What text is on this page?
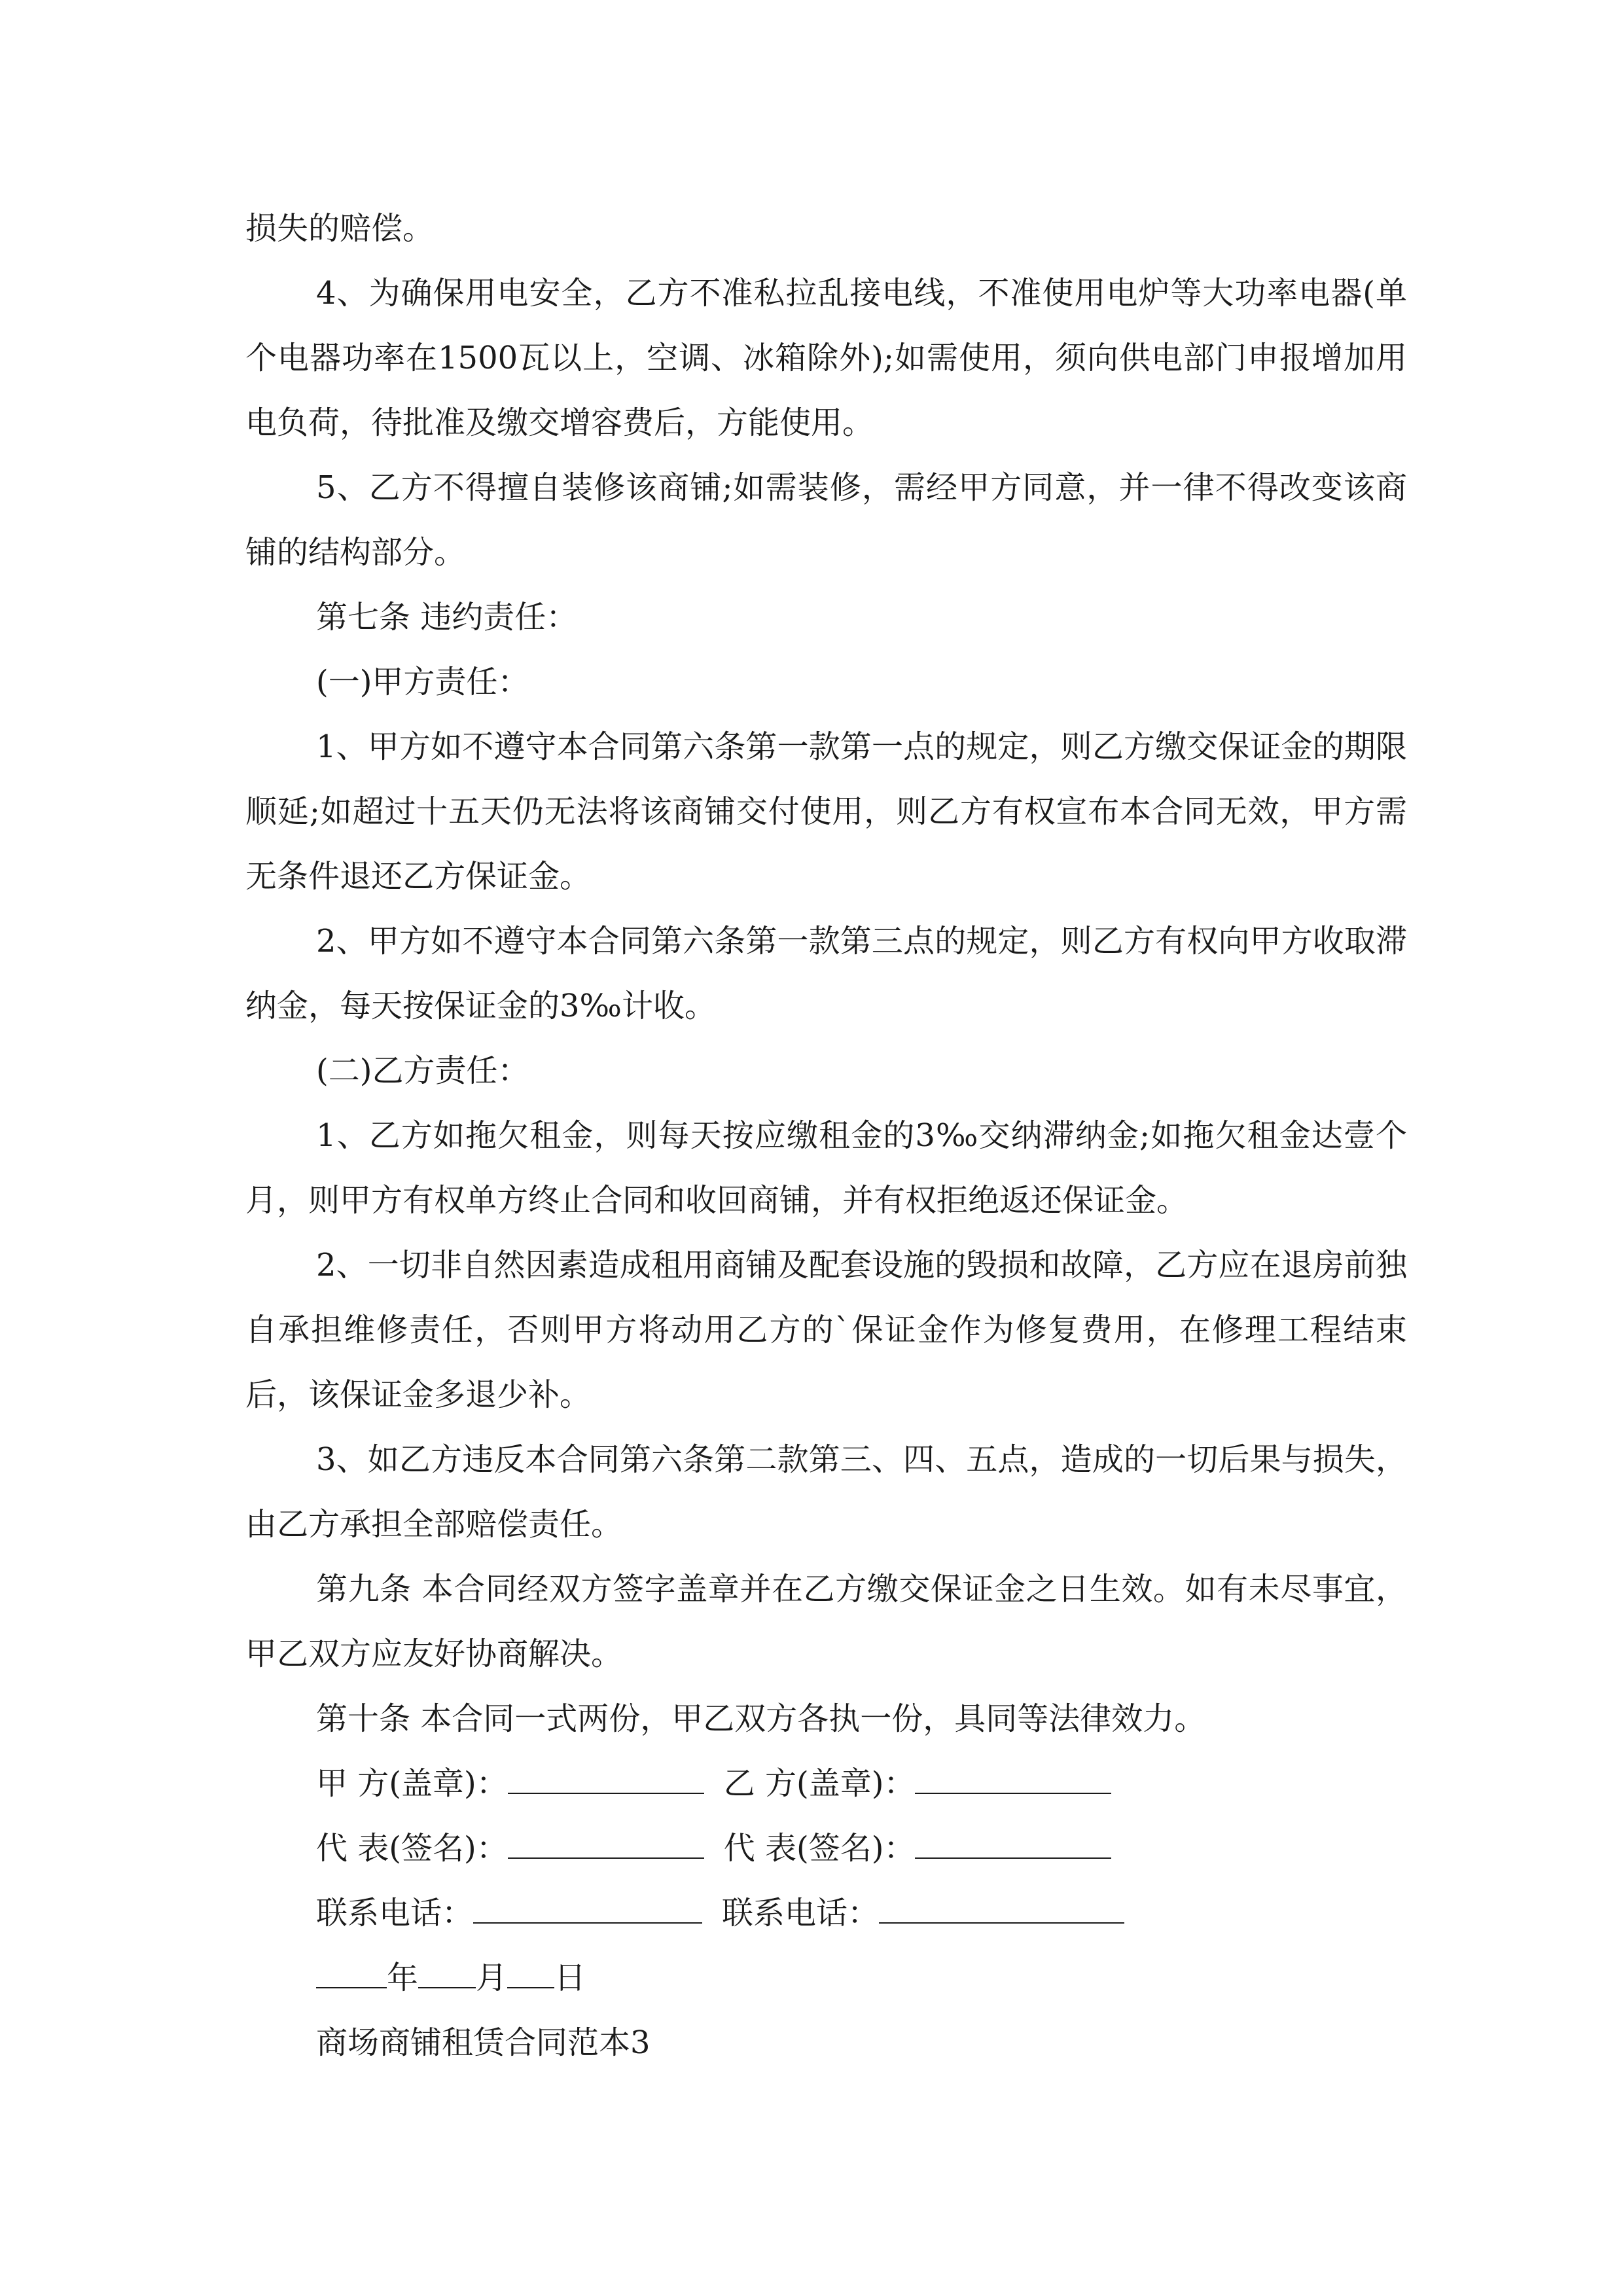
损失的赔偿。

4、为确保用电安全，乙方不准私拉乱接电线，不准使用电炉等大功率电器(单个电器功率在1500瓦以上，空调、冰箱除外);如需使用，须向供电部门申报增加用电负荷，待批准及缴交增容费后，方能使用。

5、乙方不得擅自装修该商铺;如需装修，需经甲方同意，并一律不得改变该商铺的结构部分。

第七条 违约责任：

(一)甲方责任：

1、甲方如不遵守本合同第六条第一款第一点的规定，则乙方缴交保证金的期限顺延;如超过十五天仍无法将该商铺交付使用，则乙方有权宣布本合同无效，甲方需无条件退还乙方保证金。

2、甲方如不遵守本合同第六条第一款第三点的规定，则乙方有权向甲方收取滞纳金，每天按保证金的3‰计收。

(二)乙方责任：

1、乙方如拖欠租金，则每天按应缴租金的3‰交纳滞纳金;如拖欠租金达壹个月，则甲方有权单方终止合同和收回商铺，并有权拒绝返还保证金。

2、一切非自然因素造成租用商铺及配套设施的毁损和故障，乙方应在退房前独自承担维修责任，否则甲方将动用乙方的`保证金作为修复费用，在修理工程结束后，该保证金多退少补。

3、如乙方违反本合同第六条第二款第三、四、五点，造成的一切后果与损失，由乙方承担全部赔偿责任。

第九条 本合同经双方签字盖章并在乙方缴交保证金之日生效。如有未尽事宜，甲乙双方应友好协商解决。

第十条 本合同一式两份，甲乙双方各执一份，具同等法律效力。

甲 方(盖章)：	乙 方(盖章)：
代 表(签名)：	代 表(签名)：
联系电话：	联系电话：
年 月 日

商场商铺租赁合同范本3
